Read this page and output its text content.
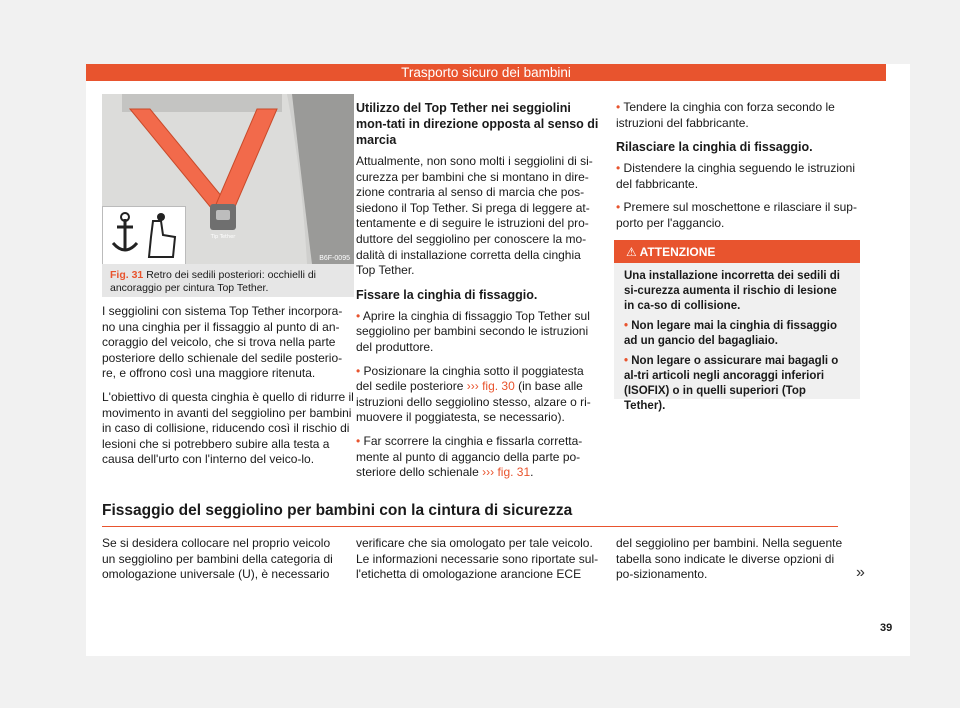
Trasporto sicuro dei bambini
Tip Tether
B6F-0095
Fig. 31 Retro dei sedili posteriori: occhielli di ancoraggio per cintura Top Tether.

I seggiolini con sistema Top Tether incorpora-no una cinghia per il fissaggio al punto di an-coraggio del veicolo, che si trova nella parte posteriore dello schienale del sedile posterio-re, e offrono così una maggiore ritenuta.

L'obiettivo di questa cinghia è quello di ridurre il movimento in avanti del seggiolino per bambini in caso di collisione, riducendo così il rischio di lesioni che si potrebbero subire alla testa a causa dell'urto con l'interno del veico-lo.

Utilizzo del Top Tether nei seggiolini mon-tati in direzione opposta al senso di marcia

Attualmente, non sono molti i seggiolini di si-curezza per bambini che si montano in dire-zione contraria al senso di marcia che pos-siedono il Top Tether. Si prega di leggere at-tentamente e di seguire le istruzioni del pro-duttore del seggiolino per conoscere la mo-dalità di installazione corretta della cinghia Top Tether.

Fissare la cinghia di fissaggio.

• Aprire la cinghia di fissaggio Top Tether sul seggiolino per bambini secondo le istruzioni del produttore.

• Posizionare la cinghia sotto il poggiatesta del sedile posteriore ››› fig. 30 (in base alle istruzioni dello seggiolino stesso, alzare o ri-muovere il poggiatesta, se necessario).

• Far scorrere la cinghia e fissarla corretta-mente al punto di aggancio della parte po-steriore dello schienale ››› fig. 31.

• Tendere la cinghia con forza secondo le istruzioni del fabbricante.

Rilasciare la cinghia di fissaggio.

• Distendere la cinghia seguendo le istruzioni del fabbricante.

• Premere sul moschettone e rilasciare il sup-porto per l'aggancio.

⚠ ATTENZIONE

Una installazione incorretta dei sedili di si-curezza aumenta il rischio di lesione in ca-so di collisione.

• Non legare mai la cinghia di fissaggio ad un gancio del bagagliaio.

• Non legare o assicurare mai bagagli o al-tri articoli negli ancoraggi inferiori (ISOFIX) o in quelli superiori (Top Tether).

Fissaggio del seggiolino per bambini con la cintura di sicurezza
Se si desidera collocare nel proprio veicolo un seggiolino per bambini della categoria di omologazione universale (U), è necessario
verificare che sia omologato per tale veicolo. Le informazioni necessarie sono riportate sul-l'etichetta di omologazione arancione ECE
del seggiolino per bambini. Nella seguente tabella sono indicate le diverse opzioni di po-sizionamento.	»
39
